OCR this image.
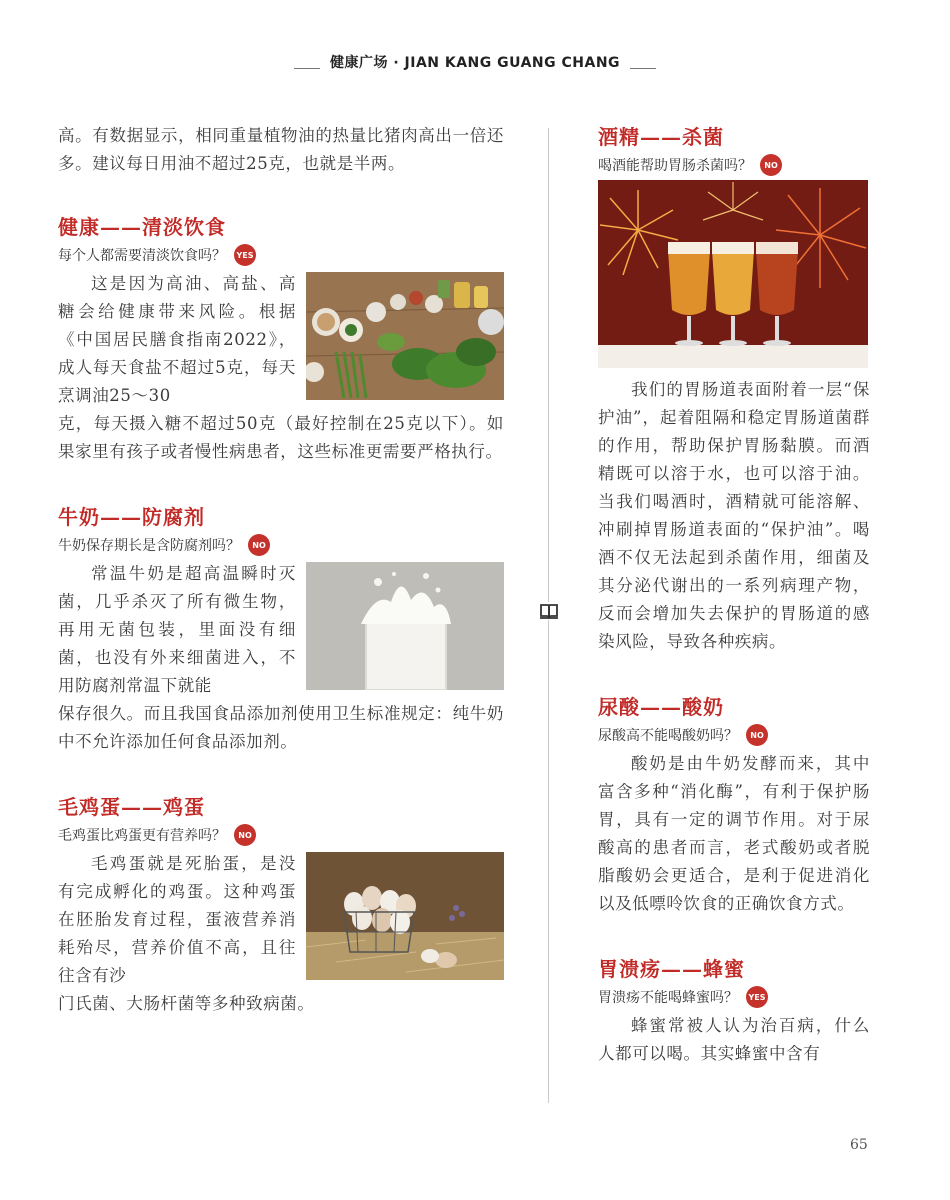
健康广场 · JIAN KANG GUANG CHANG

高。有数据显示，相同重量植物油的热量比猪肉高出一倍还多。建议每日用油不超过25克，也就是半两。

健康——清淡饮食
每个人都需要清淡饮食吗？	YES

这是因为高油、高盐、高糖会给健康带来风险。根据《中国居民膳食指南2022》，成人每天食盐不超过5克，每天烹调油25～30

克，每天摄入糖不超过50克（最好控制在25克以下）。如果家里有孩子或者慢性病患者，这些标准更需要严格执行。

牛奶——防腐剂
牛奶保存期长是含防腐剂吗？	NO

常温牛奶是超高温瞬时灭菌，几乎杀灭了所有微生物，再用无菌包装，里面没有细菌，也没有外来细菌进入，不用防腐剂常温下就能

保存很久。而且我国食品添加剂使用卫生标准规定：纯牛奶中不允许添加任何食品添加剂。

毛鸡蛋——鸡蛋
毛鸡蛋比鸡蛋更有营养吗？	NO

毛鸡蛋就是死胎蛋，是没有完成孵化的鸡蛋。这种鸡蛋在胚胎发育过程，蛋液营养消耗殆尽，营养价值不高，且往往含有沙

门氏菌、大肠杆菌等多种致病菌。

酒精——杀菌
喝酒能帮助胃肠杀菌吗？	NO

我们的胃肠道表面附着一层“保护油”，起着阻隔和稳定胃肠道菌群的作用，帮助保护胃肠黏膜。而酒精既可以溶于水，也可以溶于油。当我们喝酒时，酒精就可能溶解、冲刷掉胃肠道表面的“保护油”。喝酒不仅无法起到杀菌作用，细菌及其分泌代谢出的一系列病理产物，反而会增加失去保护的胃肠道的感染风险，导致各种疾病。

尿酸——酸奶
尿酸高不能喝酸奶吗？	NO

酸奶是由牛奶发酵而来，其中富含多种“消化酶”，有利于保护肠胃，具有一定的调节作用。对于尿酸高的患者而言，老式酸奶或者脱脂酸奶会更适合，是利于促进消化以及低嘌呤饮食的正确饮食方式。

胃溃疡——蜂蜜
胃溃疡不能喝蜂蜜吗？	YES

蜂蜜常被人认为治百病，什么人都可以喝。其实蜂蜜中含有

65
